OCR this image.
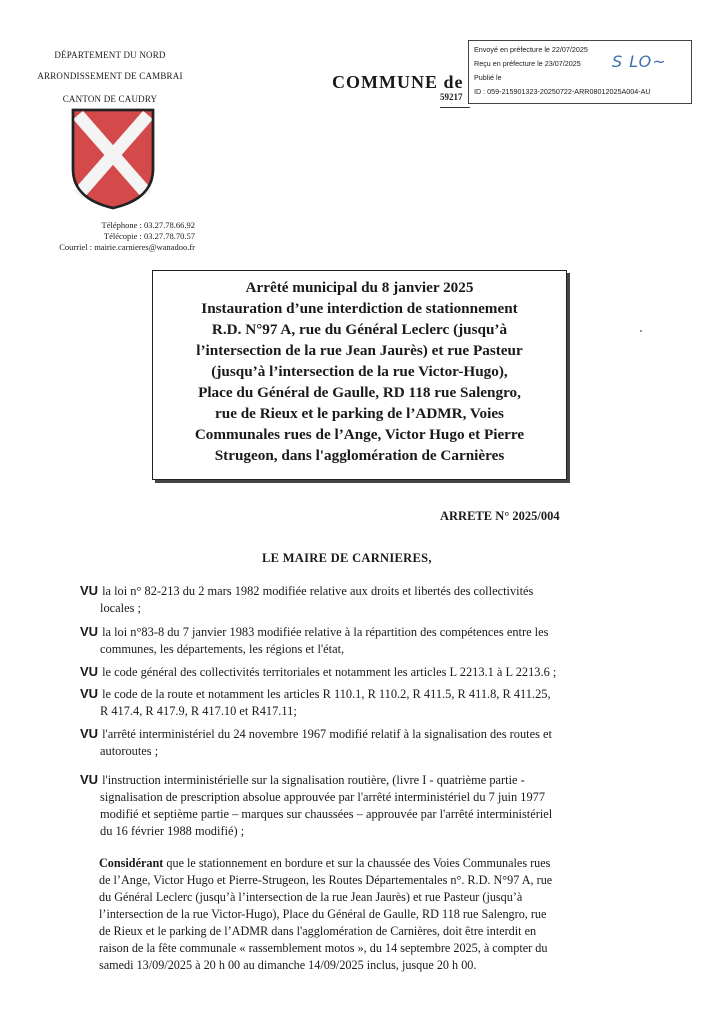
DÉPARTEMENT DU NORD
ARRONDISSEMENT DE CAMBRAI
CANTON DE CAUDRY
Téléphone : 03.27.78.66.92
Télécopie : 03.27.78.70.57
Courriel : mairie.carnieres@wanadoo.fr
COMMUNE de
59217
Envoyé en préfecture le 22/07/2025
Reçu en préfecture le 23/07/2025
Publié le
ID : 059-215901323-20250722-ARR08012025A004-AU
S LO~
Arrêté municipal du 8 janvier 2025
Instauration d’une interdiction de stationnement
R.D. N°97 A, rue du Général Leclerc (jusqu’à
l’intersection de la rue Jean Jaurès) et rue Pasteur
(jusqu’à l’intersection de la rue Victor-Hugo),
Place du Général de Gaulle, RD 118 rue Salengro,
rue de Rieux et le parking de l’ADMR, Voies
Communales rues de l’Ange, Victor Hugo et Pierre
Strugeon, dans l'agglomération de Carnières
ARRETE N° 2025/004
LE MAIRE DE CARNIERES,
VU la loi n° 82-213 du 2 mars 1982 modifiée relative aux droits et libertés des collectivités
locales ;
VU la loi n°83-8 du 7 janvier 1983 modifiée relative à la répartition des compétences entre les
communes, les départements, les régions et l'état,
VU le code général des collectivités territoriales et notamment les articles L 2213.1 à L 2213.6 ;
VU le code de la route et notamment les articles R 110.1, R 110.2, R 411.5, R 411.8, R 411.25,
R 417.4, R 417.9, R 417.10 et R417.11;
VU l'arrêté interministériel du 24 novembre 1967 modifié relatif à la signalisation des routes et
autoroutes ;
VU l'instruction interministérielle sur la signalisation routière, (livre I - quatrième partie -
signalisation de prescription absolue approuvée par l'arrêté interministériel du 7 juin 1977
modifié et septième partie – marques sur chaussées – approuvée par l'arrêté interministériel
du 16 février 1988 modifié) ;
Considérant que le stationnement en bordure et sur la chaussée des Voies Communales rues
de l’Ange, Victor Hugo et Pierre-Strugeon, les Routes Départementales n°. R.D. N°97 A, rue
du Général Leclerc (jusqu’à l’intersection de la rue Jean Jaurès) et rue Pasteur (jusqu’à
l’intersection de la rue Victor-Hugo), Place du Général de Gaulle, RD 118 rue Salengro, rue
de Rieux et le parking de l’ADMR dans l'agglomération de Carnières, doit être interdit en
raison de la fête communale « rassemblement motos », du 14 septembre 2025, à compter du
samedi 13/09/2025 à 20 h 00 au dimanche 14/09/2025 inclus, jusque 20 h 00.
